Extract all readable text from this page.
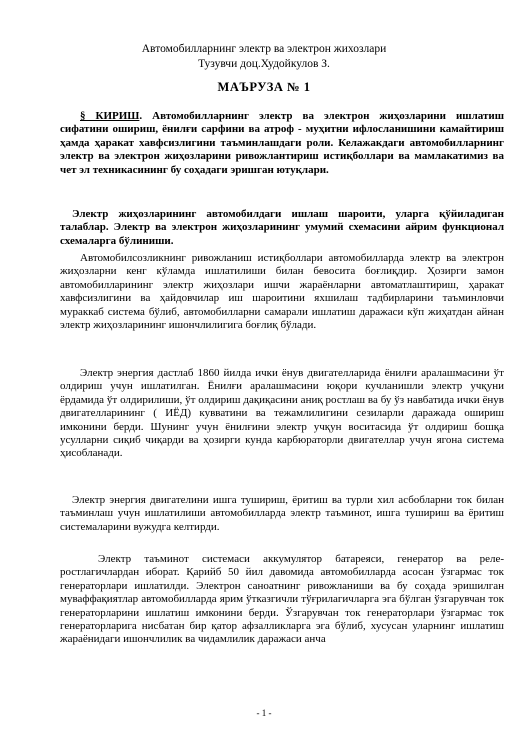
Автомобилларнинг электр ва электрон жихозлари
Тузувчи доц.Худойкулов З.
МАЪРУЗА № 1
§ КИРИШ. Автомобилларнинг электр ва электрон жиҳозларини ишлатиш сифатини ошириш, ёнилғи сарфини ва атроф - муҳитни ифлосланишини камайтириш ҳамда ҳаракат хавфсизлигини таъминлашдаги роли. Келажакдаги автомобилларнинг электр ва электрон жиҳозларини ривожлантириш истиқболлари ва мамлакатимиз ва чет эл техникасининг бу соҳадаги эришган ютуқлари.
Электр жиҳозларининг автомобилдаги ишлаш шароити, уларга қўйиладиган талаблар. Электр ва электрон жиҳозларининг умумий схемасини айрим функционал схемаларга бўлиниши.
Автомобилсозликнинг ривожланиш истиқболлари автомобилларда электр ва электрон жиҳозларни кенг кўламда ишлатилиши билан бевосита боғлиқдир. Ҳозирги замон автомобилларининг электр жиҳозлари ишчи жараёнларни автоматлаштириш, ҳаракат хавфсизлигини ва ҳайдовчилар иш шароитини яхшилаш тадбирларини таъминловчи мураккаб система бўлиб, автомобилларни самарали ишлатиш даражаси кўп жиҳатдан айнан электр жиҳозларининг ишончлилигига боғлиқ бўлади.
Электр энергия дастлаб 1860 йилда ички ёнув двигателларида ёнилғи аралашмасини ўт олдириш учун ишлатилган. Ёнилғи аралашмасини юқори кучланишли электр учқуни ёрдамида ўт олдирилиши, ўт олдириш дақиқасини аниқ ростлаш ва бу ўз навбатида ички ёнув двигателларининг ( ИЁД) кувватини ва тежамлилигини сезиларли даражада ошириш имконини берди. Шунинг учун ёнилғини электр учқун воситасида ўт олдириш бошқа усулларни сиқиб чиқарди ва ҳозирги кунда карбюраторли двигателлар учун ягона система ҳисобланади.
Электр энергия двигателини ишга тушириш, ёритиш ва турли хил асбобларни ток билан таъминлаш учун ишлатилиши автомобилларда электр таъминот, ишга тушириш ва ёритиш системаларини вужудга келтирди.
Электр таъминот системаси аккумулятор батареяси, генератор ва реле-ростлагичлардан иборат. Қарийб 50 йил давомида автомобилларда асосан ўзгармас ток генераторлари ишлатилди. Электрон саноатнинг ривожланиши ва бу соҳада эришилган муваффақиятлар автомобилларда ярим ўтказгичли тўғрилагичларга эга бўлган ўзгарувчан ток генераторларини ишлатиш имконини берди. Ўзгарувчан ток генераторлари ўзгармас ток генераторларига нисбатан бир қатор афзалликларга эга бўлиб, хусусан уларнинг ишлатиш жараёнидаги ишончлилик ва чидамлилик даражаси анча
- 1 -
